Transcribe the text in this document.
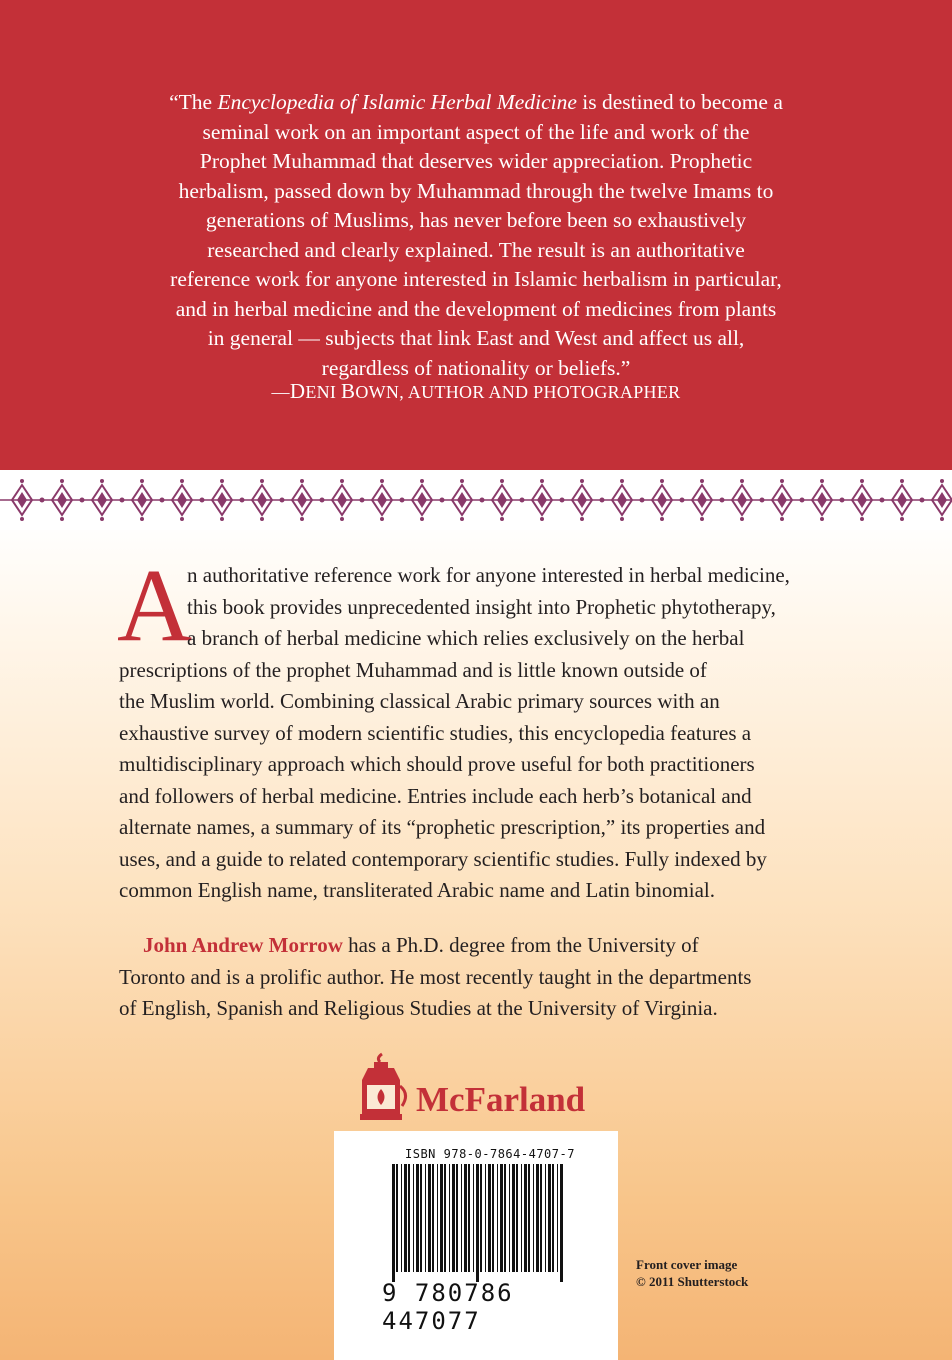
“The Encyclopedia of Islamic Herbal Medicine is destined to become a
seminal work on an important aspect of the life and work of the
Prophet Muhammad that deserves wider appreciation. Prophetic
herbalism, passed down by Muhammad through the twelve Imams to
generations of Muslims, has never before been so exhaustively
researched and clearly explained. The result is an authoritative
reference work for anyone interested in Islamic herbalism in particular,
and in herbal medicine and the development of medicines from plants
in general — subjects that link East and West and affect us all,
regardless of nationality or beliefs.”

—DENI BOWN, AUTHOR AND PHOTOGRAPHER
A
n authoritative reference work for anyone interested in herbal medicine,
this book provides unprecedented insight into Prophetic phytotherapy,
a branch of herbal medicine which relies exclusively on the herbal
prescriptions of the prophet Muhammad and is little known outside of
the Muslim world. Combining classical Arabic primary sources with an
exhaustive survey of modern scientific studies, this encyclopedia features a
multidisciplinary approach which should prove useful for both practitioners
and followers of herbal medicine. Entries include each herb’s botanical and
alternate names, a summary of its “prophetic prescription,” its properties and
uses, and a guide to related contemporary scientific studies. Fully indexed by
common English name, transliterated Arabic name and Latin binomial.
John Andrew Morrow has a Ph.D. degree from the University of
Toronto and is a prolific author. He most recently taught in the departments
of English, Spanish and Religious Studies at the University of Virginia.
McFarland
ISBN 978-0-7864-4707-7
9 780786 447077
Front cover image
© 2011 Shutterstock
